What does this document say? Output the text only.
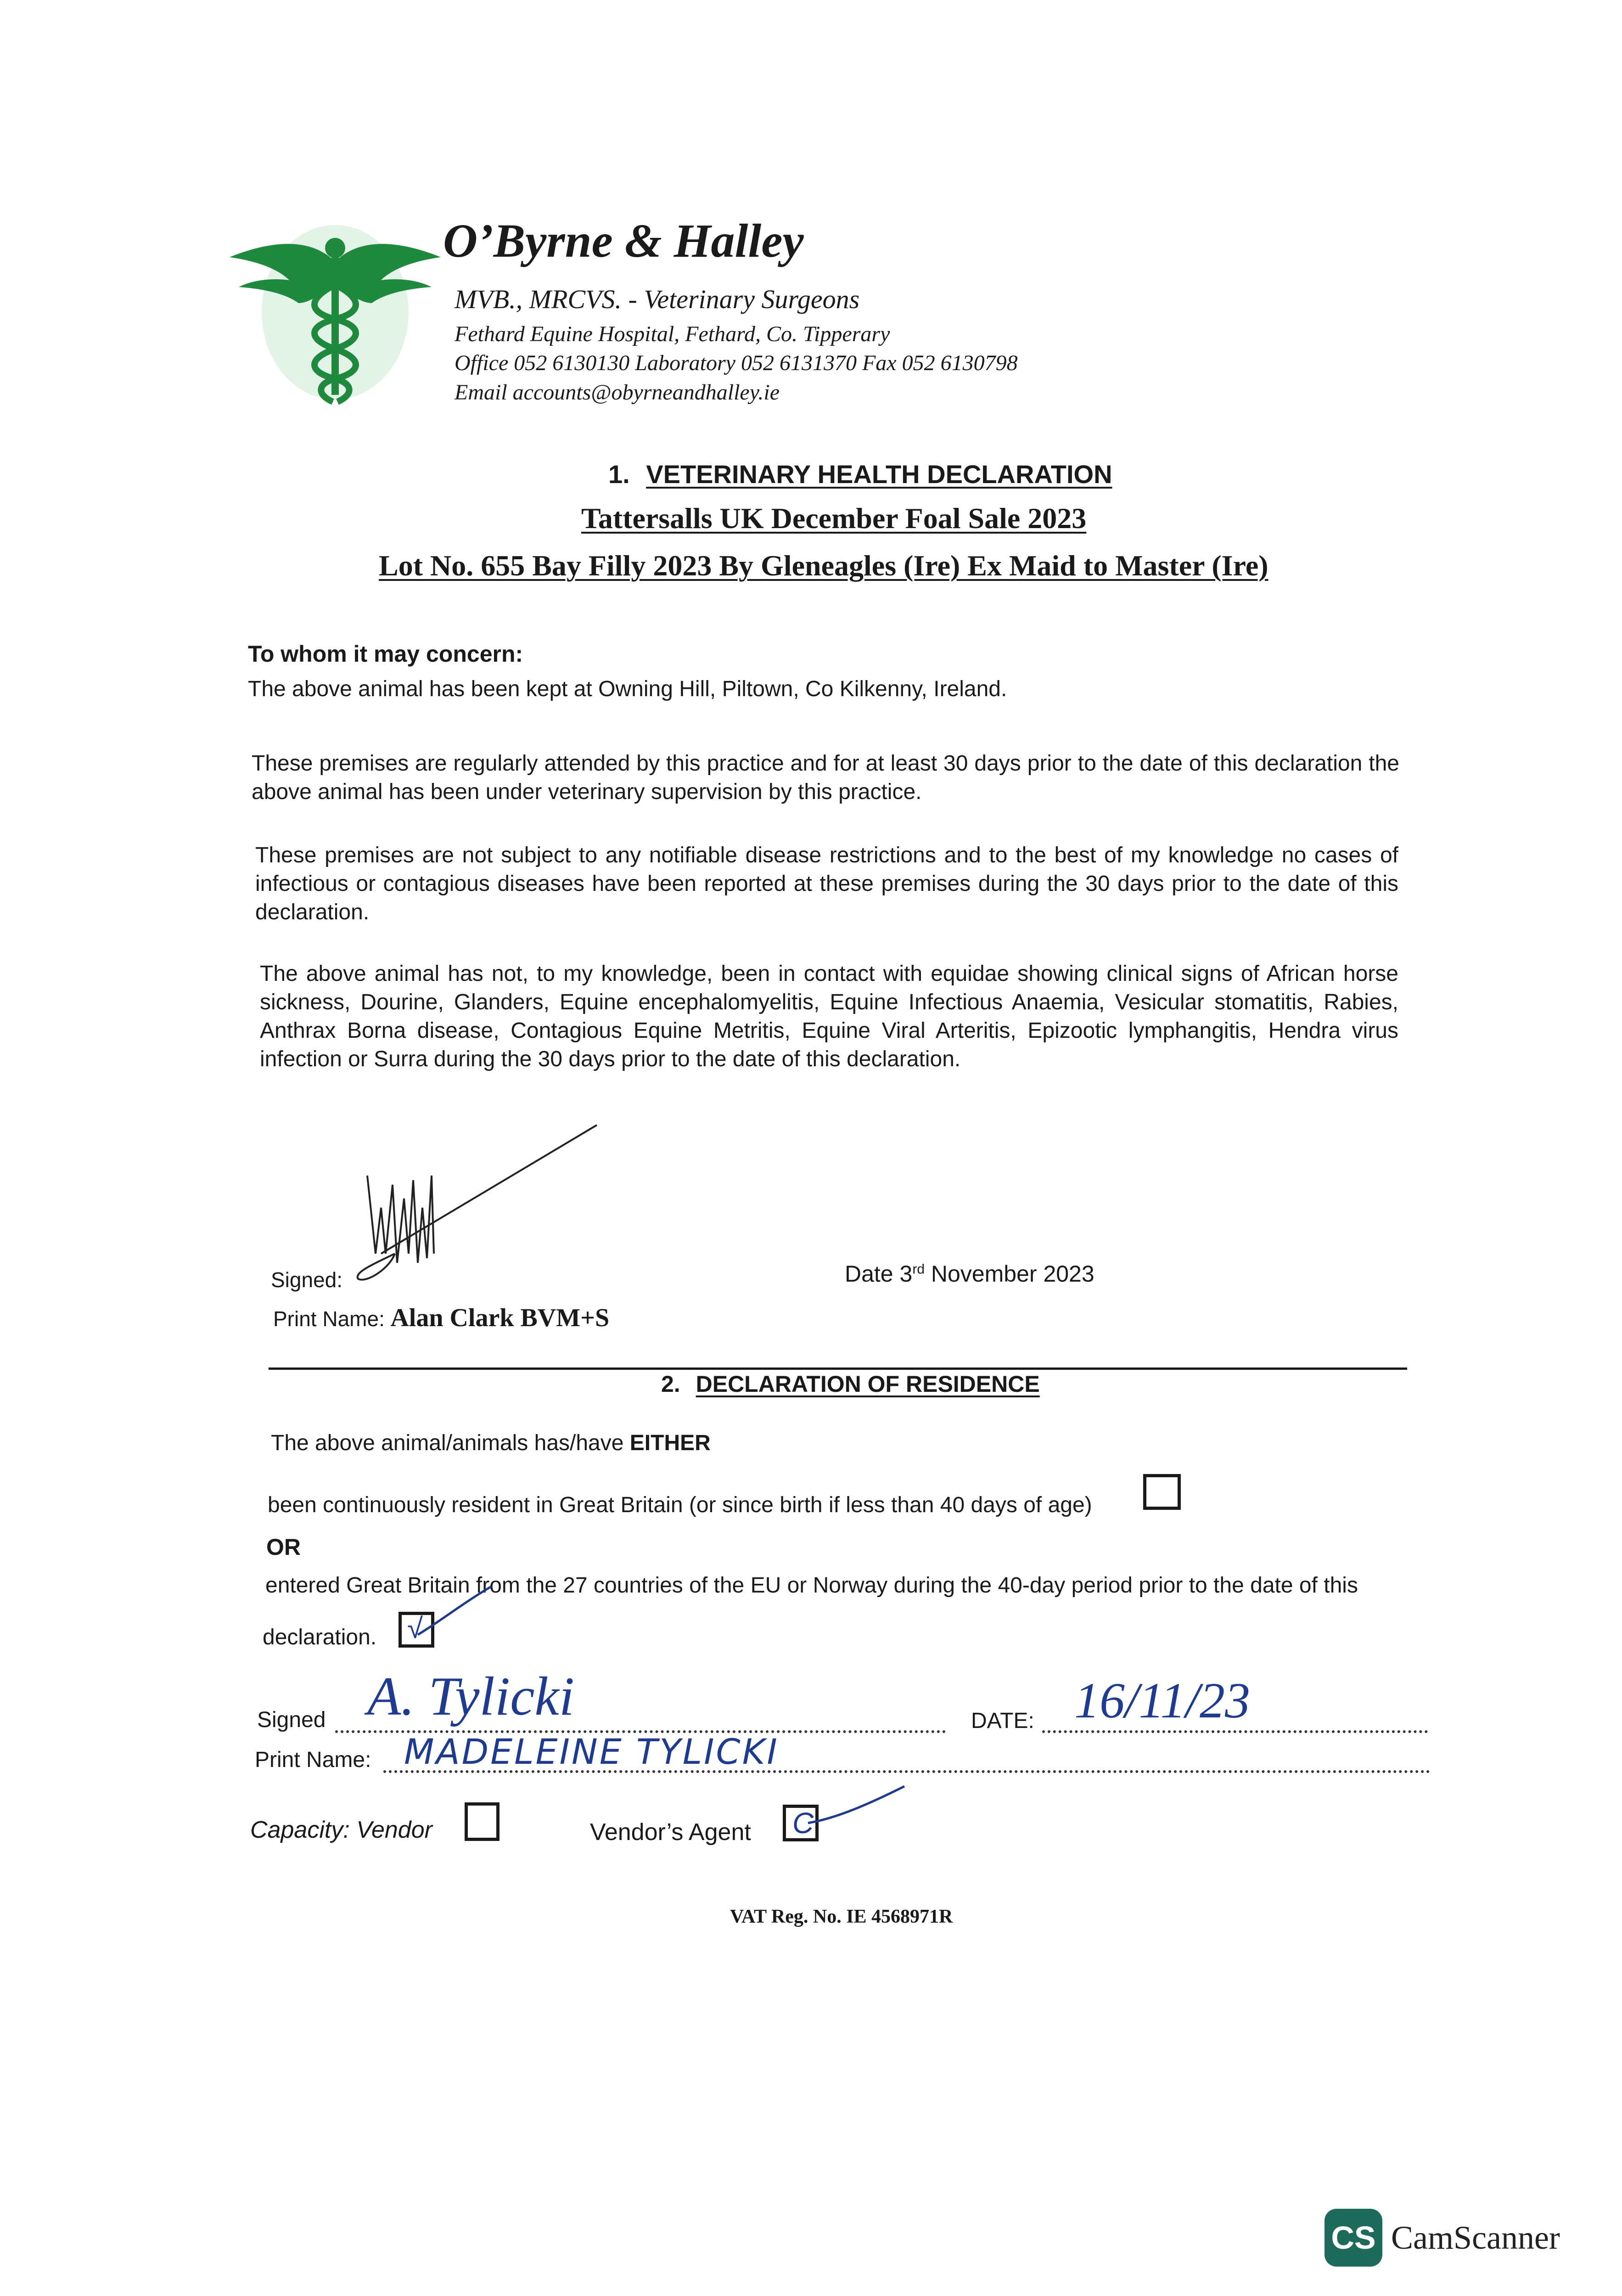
O’Byrne & Halley
MVB., MRCVS. - Veterinary Surgeons
Fethard Equine Hospital, Fethard, Co. Tipperary
Office 052 6130130 Laboratory 052 6131370 Fax 052 6130798
Email accounts@obyrneandhalley.ie
1. VETERINARY HEALTH DECLARATION
Tattersalls UK December Foal Sale 2023
Lot No. 655 Bay Filly 2023 By Gleneagles (Ire) Ex Maid to Master (Ire)
To whom it may concern:
The above animal has been kept at Owning Hill, Piltown, Co Kilkenny, Ireland.
These premises are regularly attended by this practice and for at least 30 days prior to the date of this declaration the above animal has been under veterinary supervision by this practice.
These premises are not subject to any notifiable disease restrictions and to the best of my knowledge no cases of infectious or contagious diseases have been reported at these premises during the 30 days prior to the date of this declaration.
The above animal has not, to my knowledge, been in contact with equidae showing clinical signs of African horse sickness, Dourine, Glanders, Equine encephalomyelitis, Equine Infectious Anaemia, Vesicular stomatitis, Rabies, Anthrax Borna disease, Contagious Equine Metritis, Equine Viral Arteritis, Epizootic lymphangitis, Hendra virus infection or Surra during the 30 days prior to the date of this declaration.
Signed:	Date 3rd November 2023
Print Name: Alan Clark BVM+S
2. DECLARATION OF RESIDENCE
The above animal/animals has/have EITHER
been continuously resident in Great Britain (or since birth if less than 40 days of age)
OR
entered Great Britain from the 27 countries of the EU or Norway during the 40-day period prior to the date of this
declaration. √
Signed A. Tylicki	DATE: 16/11/23
Print Name: MADELEINE TYLICKI
Capacity: Vendor	Vendor’s Agent C
VAT Reg. No. IE 4568971R
CS CamScanner
